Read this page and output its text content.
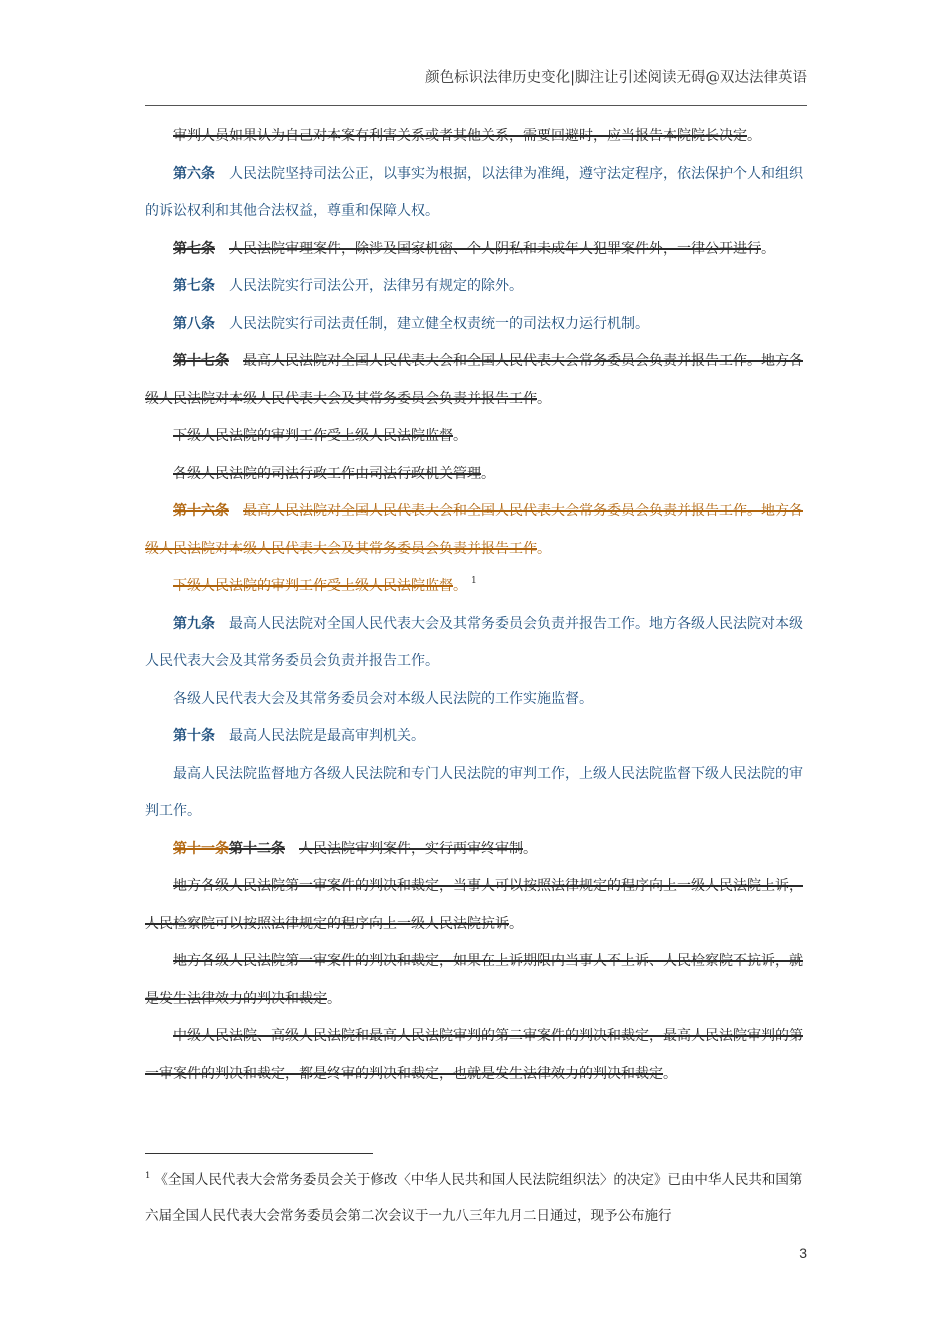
颜色标识法律历史变化|脚注让引述阅读无碍@双达法律英语

审判人员如果认为自己对本案有利害关系或者其他关系，需要回避时，应当报告本院院长决定。

第六条 人民法院坚持司法公正，以事实为根据，以法律为准绳，遵守法定程序，依法保护个人和组织的诉讼权利和其他合法权益，尊重和保障人权。

第七条 人民法院审理案件，除涉及国家机密、个人阴私和未成年人犯罪案件外，一律公开进行。

第七条 人民法院实行司法公开，法律另有规定的除外。

第八条 人民法院实行司法责任制，建立健全权责统一的司法权力运行机制。

第十七条 最高人民法院对全国人民代表大会和全国人民代表大会常务委员会负责并报告工作。地方各级人民法院对本级人民代表大会及其常务委员会负责并报告工作。

下级人民法院的审判工作受上级人民法院监督。

各级人民法院的司法行政工作由司法行政机关管理。

第十六条 最高人民法院对全国人民代表大会和全国人民代表大会常务委员会负责并报告工作。地方各级人民法院对本级人民代表大会及其常务委员会负责并报告工作。

下级人民法院的审判工作受上级人民法院监督。 $^1$

第九条 最高人民法院对全国人民代表大会及其常务委员会负责并报告工作。地方各级人民法院对本级人民代表大会及其常务委员会负责并报告工作。

各级人民代表大会及其常务委员会对本级人民法院的工作实施监督。

第十条 最高人民法院是最高审判机关。

最高人民法院监督地方各级人民法院和专门人民法院的审判工作，上级人民法院监督下级人民法院的审判工作。

第十一条第十二条 人民法院审判案件，实行两审终审制。

地方各级人民法院第一审案件的判决和裁定，当事人可以按照法律规定的程序向上一级人民法院上诉，人民检察院可以按照法律规定的程序向上一级人民法院抗诉。

地方各级人民法院第一审案件的判决和裁定，如果在上诉期限内当事人不上诉、人民检察院不抗诉，就是发生法律效力的判决和裁定。

中级人民法院、高级人民法院和最高人民法院审判的第二审案件的判决和裁定，最高人民法院审判的第一审案件的判决和裁定，都是终审的判决和裁定，也就是发生法律效力的判决和裁定。

$^1$ 《全国人民代表大会常务委员会关于修改〈中华人民共和国人民法院组织法〉的决定》已由中华人民共和国第六届全国人民代表大会常务委员会第二次会议于一九八三年九月二日通过，现予公布施行
3
